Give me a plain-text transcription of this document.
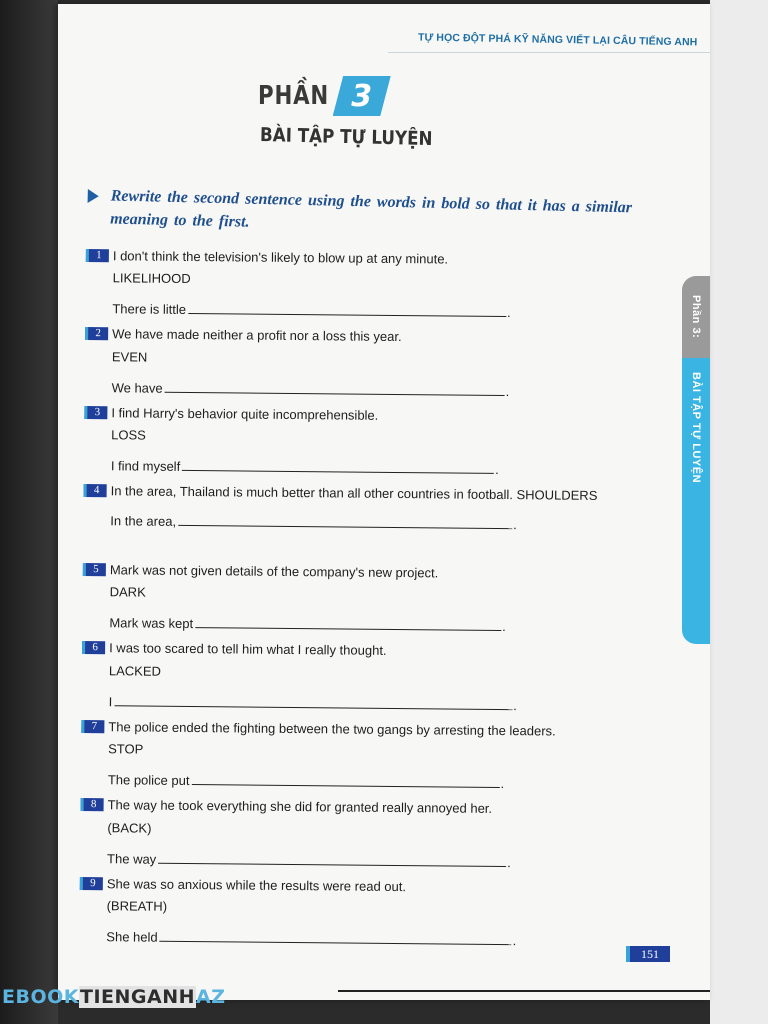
TỰ HỌC ĐỘT PHÁ KỸ NĂNG VIẾT LẠI CÂU TIẾNG ANH
PHẦN 3
BÀI TẬP TỰ LUYỆN
Rewrite the second sentence using the words in bold so that it has a similar meaning to the first.
1 I don't think the television's likely to blow up at any minute.
LIKELIHOOD
There is little	.
2 We have made neither a profit nor a loss this year.
EVEN
We have	.
3 I find Harry's behavior quite incomprehensible.
LOSS
I find myself	.
4 In the area, Thailand is much better than all other countries in football. SHOULDERS
In the area,	.
5 Mark was not given details of the company's new project.
DARK
Mark was kept	.
6 I was too scared to tell him what I really thought.
LACKED
I	.
7 The police ended the fighting between the two gangs by arresting the leaders.
STOP
The police put	.
8 The way he took everything she did for granted really annoyed her.
(BACK)
The way	.
9 She was so anxious while the results were read out.
(BREATH)
She held	.
Phần 3:
BÀI TẬP TỰ LUYỆN
151
EBOOKTIENGANHAZ
